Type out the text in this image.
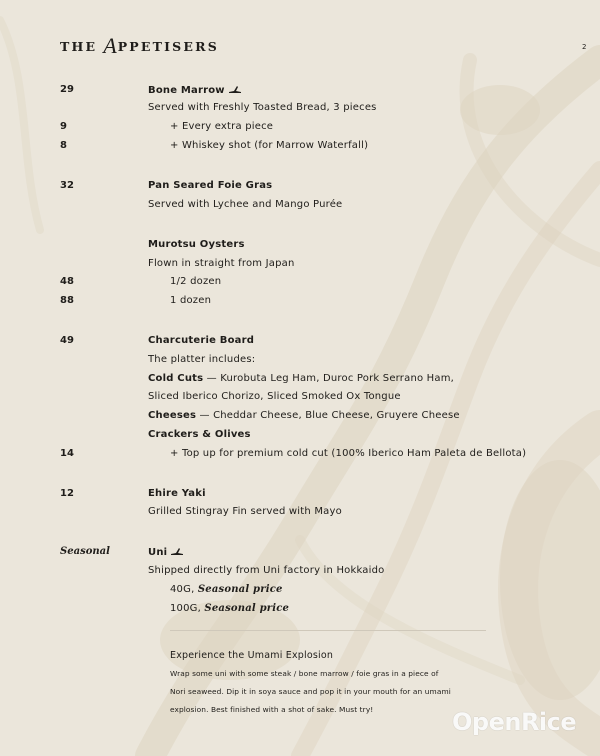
THE APPETISERS	2
29	Bone Marrow
Served with Freshly Toasted Bread, 3 pieces
9	+ Every extra piece
8	+ Whiskey shot (for Marrow Waterfall)
32	Pan Seared Foie Gras
Served with Lychee and Mango Purée
Murotsu Oysters
Flown in straight from Japan
48	1/2 dozen
88	1 dozen
49	Charcuterie Board
The platter includes:
Cold Cuts — Kurobuta Leg Ham, Duroc Pork Serrano Ham,
Sliced Iberico Chorizo, Sliced Smoked Ox Tongue
Cheeses — Cheddar Cheese, Blue Cheese, Gruyere Cheese
Crackers & Olives
14	+ Top up for premium cold cut (100% Iberico Ham Paleta de Bellota)
12	Ehire Yaki
Grilled Stingray Fin served with Mayo
Seasonal	Uni
Shipped directly from Uni factory in Hokkaido
40G, Seasonal price
100G, Seasonal price
Experience the Umami Explosion
Wrap some uni with some steak / bone marrow / foie gras in a piece of
Nori seaweed. Dip it in soya sauce and pop it in your mouth for an umami
explosion. Best finished with a shot of sake. Must try!	OpenRice
